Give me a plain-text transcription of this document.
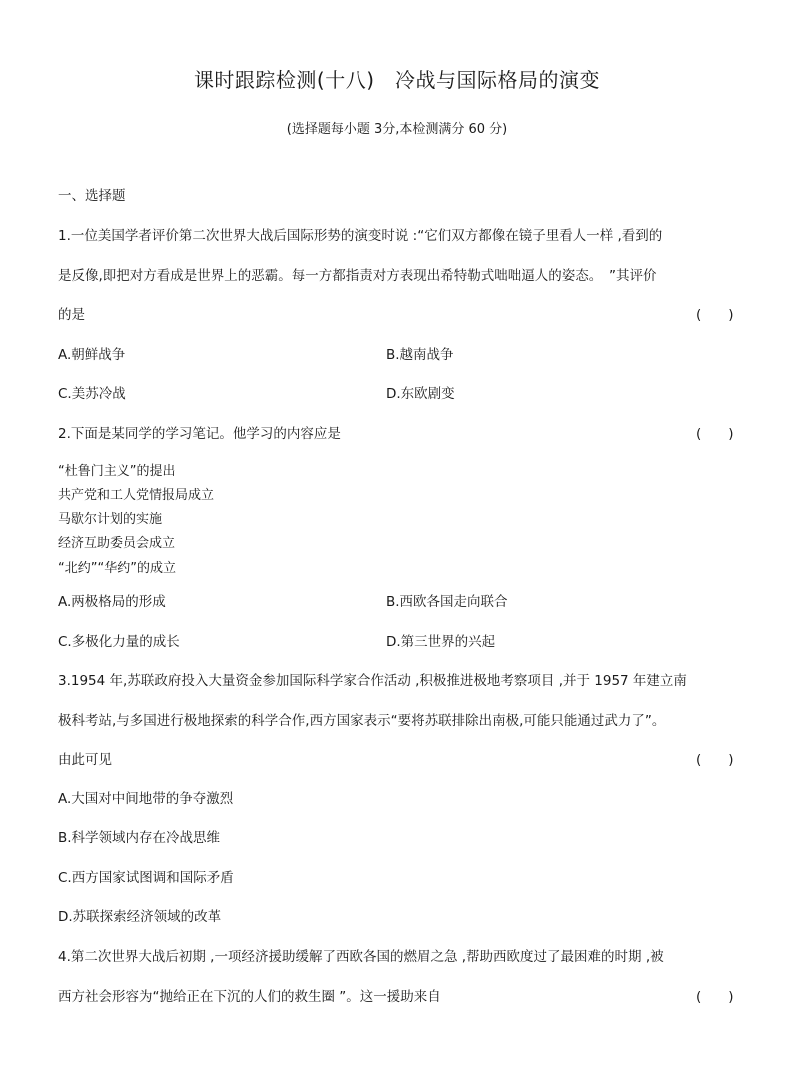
课时跟踪检测(十八)　冷战与国际格局的演变
(选择题每小题 3分,本检测满分 60 分)
一、选择题
1.一位美国学者评价第二次世界大战后国际形势的演变时说 :“它们双方都像在镜子里看人一样 ,看到的
是反像,即把对方看成是世界上的恶霸。每一方都指责对方表现出希特勒式咄咄逼人的姿态。　”其评价
的是	(　　)
A.朝鲜战争	B.越南战争
C.美苏冷战	D.东欧剧变
2.下面是某同学的学习笔记。他学习的内容应是	(　　)
“杜鲁门主义”的提出
共产党和工人党情报局成立
马歇尔计划的实施
经济互助委员会成立
“北约”“华约”的成立
A.两极格局的形成	B.西欧各国走向联合
C.多极化力量的成长	D.第三世界的兴起
3.1954 年,苏联政府投入大量资金参加国际科学家合作活动 ,积极推进极地考察项目 ,并于 1957 年建立南
极科考站,与多国进行极地探索的科学合作,西方国家表示“要将苏联排除出南极,可能只能通过武力了”。
由此可见	(　　)
A.大国对中间地带的争夺激烈
B.科学领域内存在冷战思维
C.西方国家试图调和国际矛盾
D.苏联探索经济领域的改革
4.第二次世界大战后初期 ,一项经济援助缓解了西欧各国的燃眉之急 ,帮助西欧度过了最困难的时期 ,被
西方社会形容为“抛给正在下沉的人们的救生圈 ”。这一援助来自	(　　)
